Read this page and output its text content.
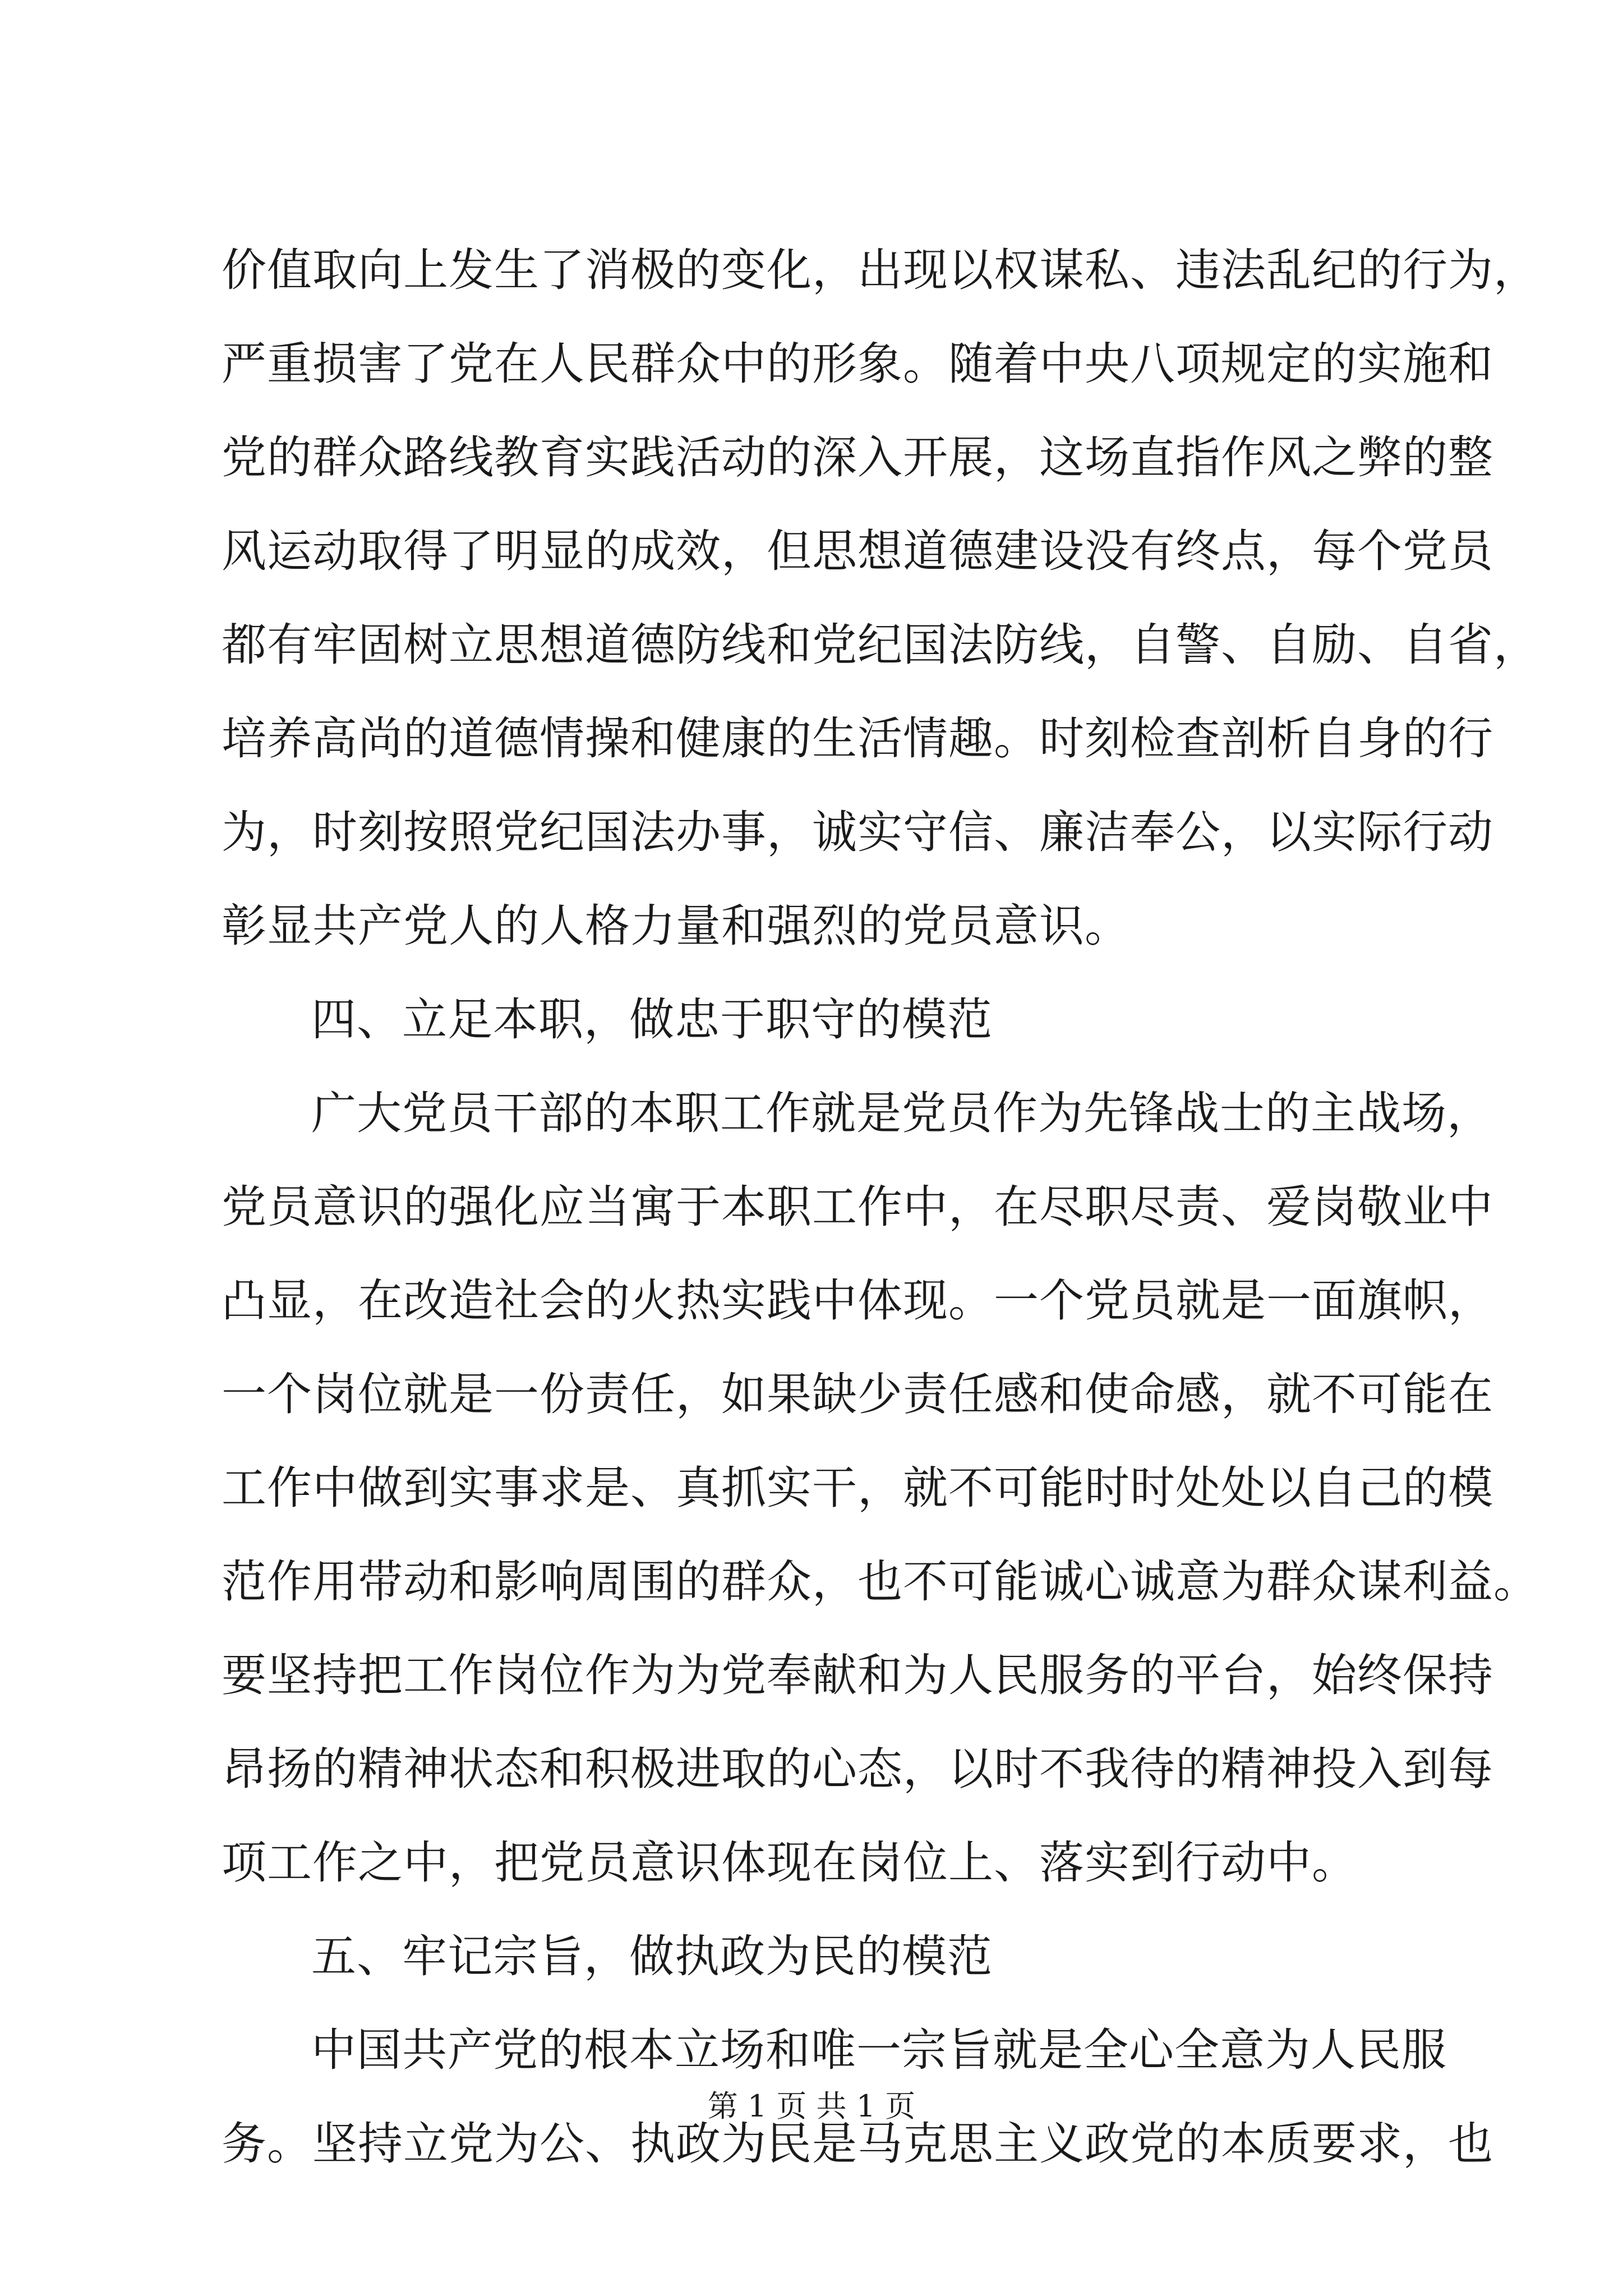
价值取向上发生了消极的变化，出现以权谋私、违法乱纪的行为，
严重损害了党在人民群众中的形象。随着中央八项规定的实施和
党的群众路线教育实践活动的深入开展，这场直指作风之弊的整
风运动取得了明显的成效，但思想道德建设没有终点，每个党员
都有牢固树立思想道德防线和党纪国法防线，自警、自励、自省，
培养高尚的道德情操和健康的生活情趣。时刻检查剖析自身的行
为，时刻按照党纪国法办事，诚实守信、廉洁奉公，以实际行动
彰显共产党人的人格力量和强烈的党员意识。
四、立足本职，做忠于职守的模范
广大党员干部的本职工作就是党员作为先锋战士的主战场，
党员意识的强化应当寓于本职工作中，在尽职尽责、爱岗敬业中
凸显，在改造社会的火热实践中体现。一个党员就是一面旗帜，
一个岗位就是一份责任，如果缺少责任感和使命感，就不可能在
工作中做到实事求是、真抓实干，就不可能时时处处以自己的模
范作用带动和影响周围的群众，也不可能诚心诚意为群众谋利益。
要坚持把工作岗位作为为党奉献和为人民服务的平台，始终保持
昂扬的精神状态和积极进取的心态，以时不我待的精神投入到每
项工作之中，把党员意识体现在岗位上、落实到行动中。
五、牢记宗旨，做执政为民的模范
中国共产党的根本立场和唯一宗旨就是全心全意为人民服
务。坚持立党为公、执政为民是马克思主义政党的本质要求，也
第 1 页 共 1 页
